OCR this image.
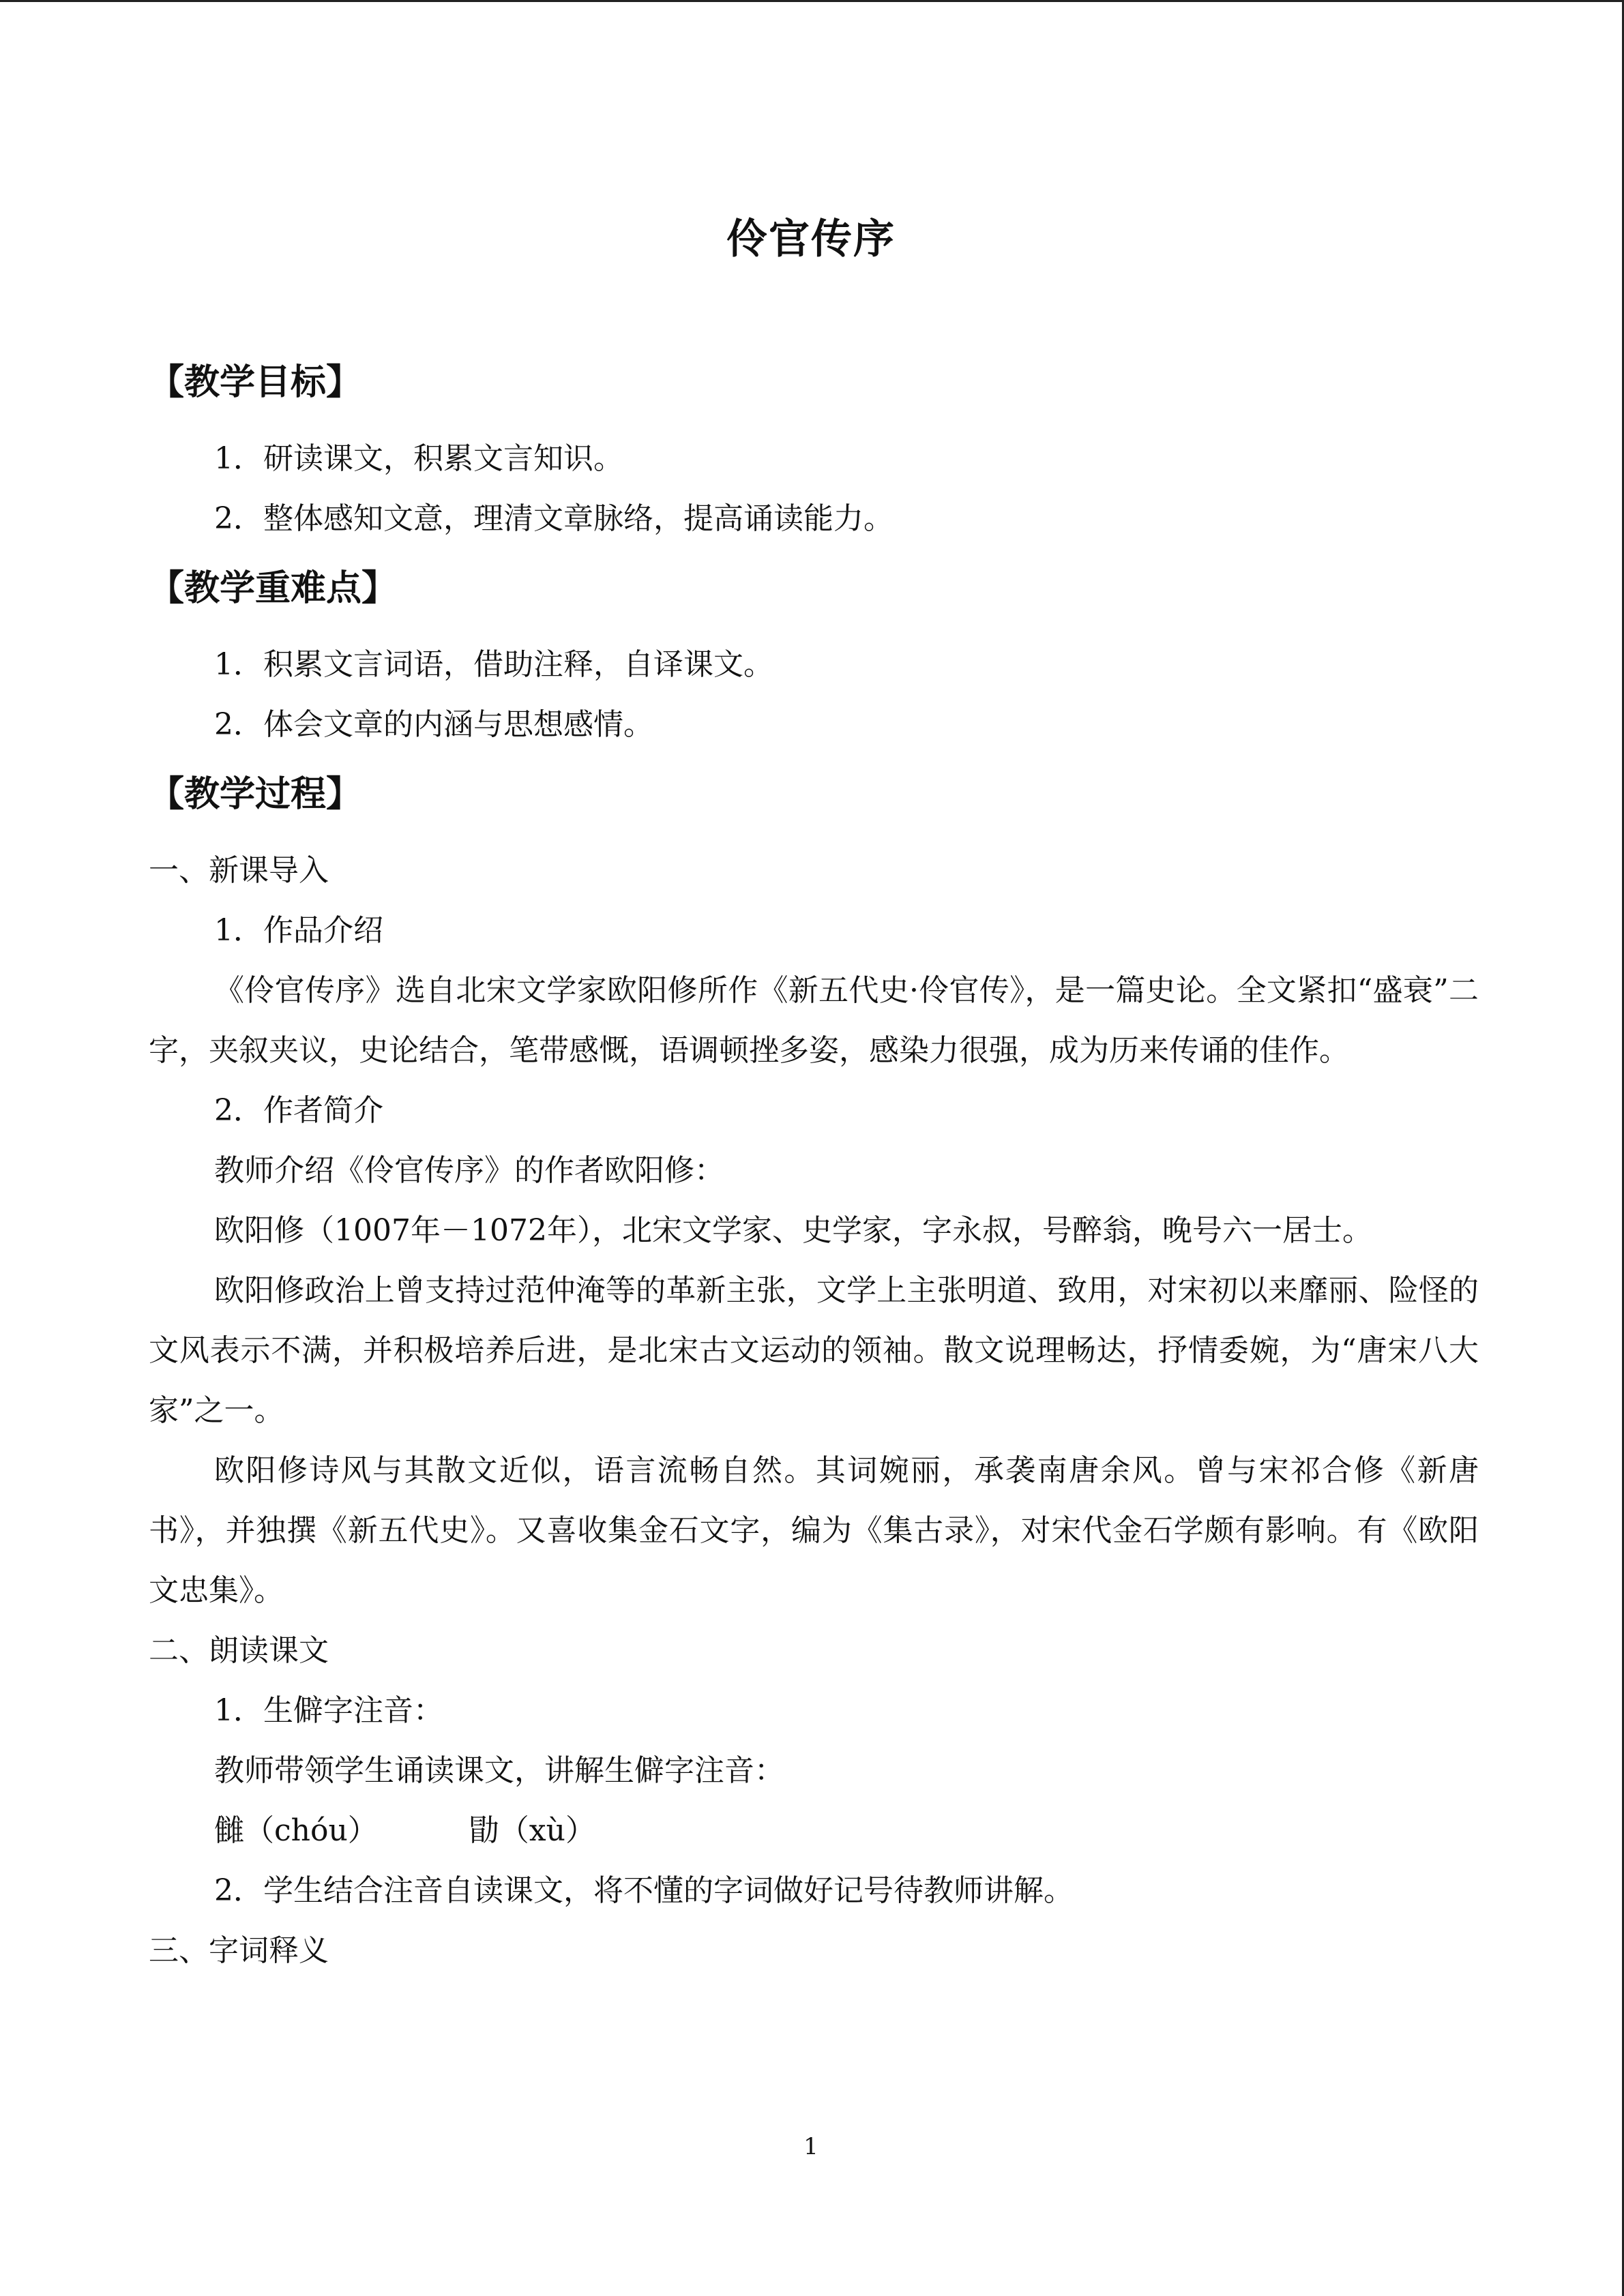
伶官传序
【教学目标】

1．研读课文，积累文言知识。

2．整体感知文意，理清文章脉络，提高诵读能力。

【教学重难点】

1．积累文言词语，借助注释，自译课文。

2．体会文章的内涵与思想感情。

【教学过程】

一、新课导入

1．作品介绍

《伶官传序》选自北宋文学家欧阳修所作《新五代史·伶官传》，是一篇史论。全文紧扣“盛衰”二字，夹叙夹议，史论结合，笔带感慨，语调顿挫多姿，感染力很强，成为历来传诵的佳作。

2．作者简介

教师介绍《伶官传序》的作者欧阳修：

欧阳修（1007年－1072年），北宋文学家、史学家，字永叔，号醉翁，晚号六一居士。

欧阳修政治上曾支持过范仲淹等的革新主张，文学上主张明道、致用，对宋初以来靡丽、险怪的文风表示不满，并积极培养后进，是北宋古文运动的领袖。散文说理畅达，抒情委婉，为“唐宋八大家”之一。

欧阳修诗风与其散文近似，语言流畅自然。其词婉丽，承袭南唐余风。曾与宋祁合修《新唐书》，并独撰《新五代史》。又喜收集金石文字，编为《集古录》，对宋代金石学颇有影响。有《欧阳文忠集》。

二、朗读课文

1．生僻字注音：

教师带领学生诵读课文，讲解生僻字注音：

雠（chóu）	勖（xù）

2．学生结合注音自读课文，将不懂的字词做好记号待教师讲解。

三、字词释义

1
